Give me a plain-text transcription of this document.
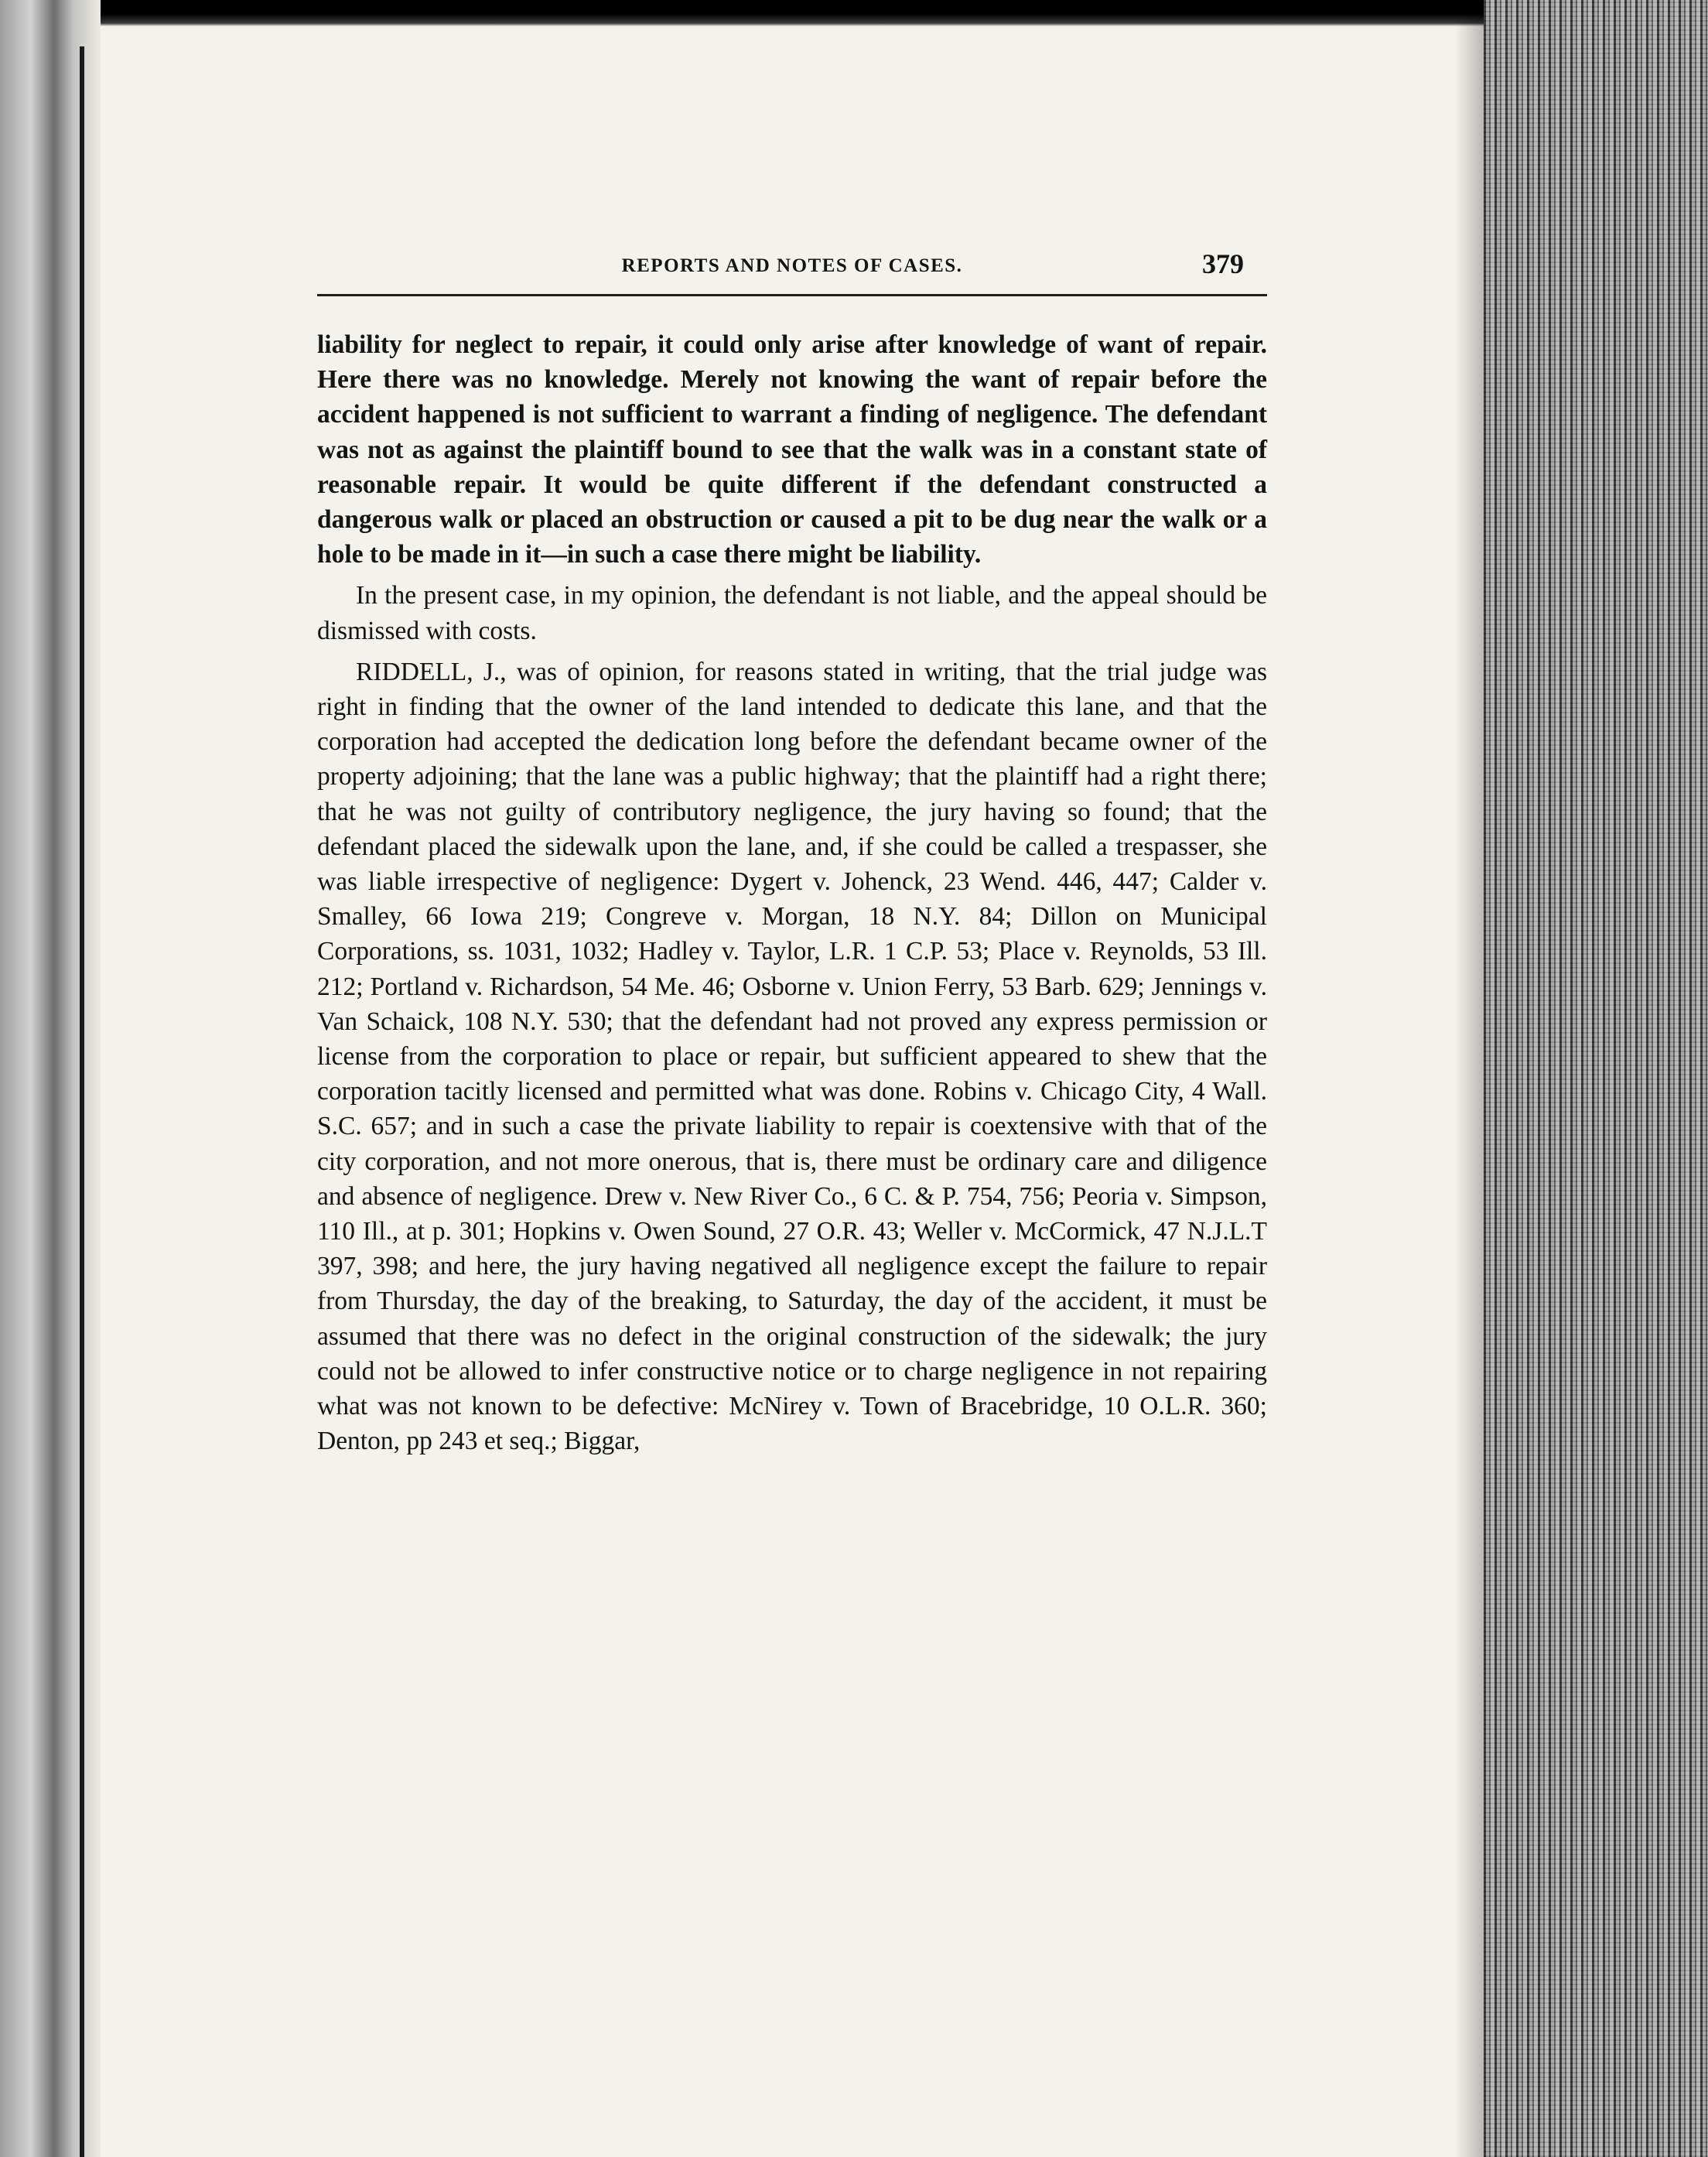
REPORTS AND NOTES OF CASES.	379

liability for neglect to repair, it could only arise after knowledge of want of repair. Here there was no knowledge. Merely not knowing the want of repair before the accident happened is not sufficient to warrant a finding of negligence. The defendant was not as against the plaintiff bound to see that the walk was in a constant state of reasonable repair. It would be quite different if the defendant constructed a dangerous walk or placed an obstruction or caused a pit to be dug near the walk or a hole to be made in it—in such a case there might be liability.

In the present case, in my opinion, the defendant is not liable, and the appeal should be dismissed with costs.

RIDDELL, J., was of opinion, for reasons stated in writing, that the trial judge was right in finding that the owner of the land intended to dedicate this lane, and that the corporation had accepted the dedication long before the defendant became owner of the property adjoining; that the lane was a public highway; that the plaintiff had a right there; that he was not guilty of contributory negligence, the jury having so found; that the defendant placed the sidewalk upon the lane, and, if she could be called a trespasser, she was liable irrespective of negligence: Dygert v. Johenck, 23 Wend. 446, 447; Calder v. Smalley, 66 Iowa 219; Congreve v. Morgan, 18 N.Y. 84; Dillon on Municipal Corporations, ss. 1031, 1032; Hadley v. Taylor, L.R. 1 C.P. 53; Place v. Reynolds, 53 Ill. 212; Portland v. Richardson, 54 Me. 46; Osborne v. Union Ferry, 53 Barb. 629; Jennings v. Van Schaick, 108 N.Y. 530; that the defendant had not proved any express permission or license from the corporation to place or repair, but sufficient appeared to shew that the corporation tacitly licensed and permitted what was done. Robins v. Chicago City, 4 Wall. S.C. 657; and in such a case the private liability to repair is coextensive with that of the city corporation, and not more onerous, that is, there must be ordinary care and diligence and absence of negligence. Drew v. New River Co., 6 C. & P. 754, 756; Peoria v. Simpson, 110 Ill., at p. 301; Hopkins v. Owen Sound, 27 O.R. 43; Weller v. McCormick, 47 N.J.L.T 397, 398; and here, the jury having negatived all negligence except the failure to repair from Thursday, the day of the breaking, to Saturday, the day of the accident, it must be assumed that there was no defect in the original construction of the sidewalk; the jury could not be allowed to infer constructive notice or to charge negligence in not repairing what was not known to be defective: McNirey v. Town of Bracebridge, 10 O.L.R. 360; Denton, pp 243 et seq.; Biggar,
